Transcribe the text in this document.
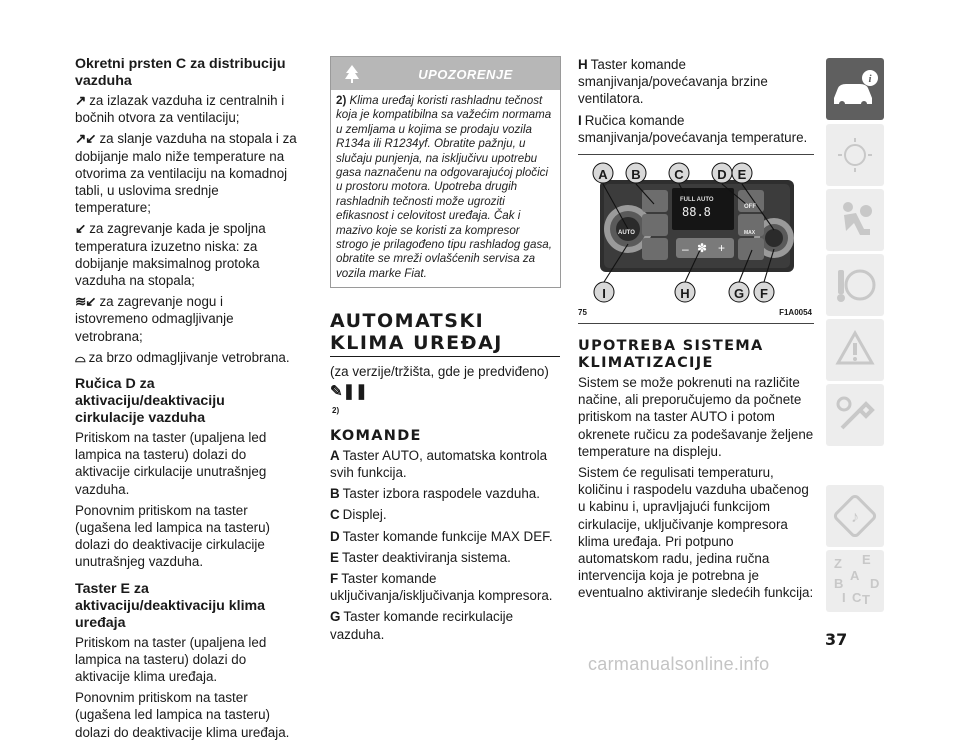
Okretni prsten C za distribuciju vazduha
↗ za izlazak vazduha iz centralnih i bočnih otvora za ventilaciju;
↗↙ za slanje vazduha na stopala i za dobijanje malo niže temperature na otvorima za ventilaciju na komadnoj tabli, u uslovima srednje temperature;
↙ za zagrevanje kada je spoljna temperatura izuzetno niska: za dobijanje maksimalnog protoka vazduha na stopala;
≋↙ za zagrevanje nogu i istovremeno odmagljivanje vetrobrana;
⌓ za brzo odmagljivanje vetrobrana.
Ručica D za aktivaciju/deaktivaciju cirkulacije vazduha
Pritiskom na taster (upaljena led lampica na tasteru) dolazi do aktivacije cirkulacije unutrašnjeg vazduha.
Ponovnim pritiskom na taster (ugašena led lampica na tasteru) dolazi do deaktivacije cirkulacije unutrašnjeg vazduha.
Taster E za aktivaciju/deaktivaciju klima uređaja
Pritiskom na taster (upaljena led lampica na tasteru) dolazi do aktivacije klima uređaja.
Ponovnim pritiskom na taster (ugašena led lampica na tasteru) dolazi do deaktivacije klima uređaja.
UPOZORENJE
2) Klima uređaj koristi rashladnu tečnost koja je kompatibilna sa važećim normama u zemljama u kojima se prodaju vozila R134a ili R1234yf. Obratite pažnju, u slučaju punjenja, na isključivu upotrebu gasa naznačenu na odgovarajućoj pločici u prostoru motora. Upotreba drugih rashladnih tečnosti može ugroziti efikasnost i celovitost uređaja. Čak i mazivo koje se koristi za kompresor strogo je prilagođeno tipu rashladog gasa, obratite se mreži ovlašćenih servisa za vozila marke Fiat.
AUTOMATSKI KLIMA UREĐAJ
(za verzije/tržišta, gde je predviđeno)
✎❚❚
2)
KOMANDE
A Taster AUTO, automatska kontrola svih funkcija.
B Taster izbora raspodele vazduha.
C Displej.
D Taster komande funkcije MAX DEF.
E Taster deaktiviranja sistema.
F Taster komande uključivanja/isključivanja kompresora.
G Taster komande recirkulacije vazduha.
H Taster komande smanjivanja/povećavanja brzine ventilatora.
I Ručica komande smanjivanja/povećavanja temperature.
FULL AUTO
88.8
AUTO
OFF
MAX
– ✽ +
A B	C	D E
I	H	G F
75	F1A0054
UPOTREBA SISTEMA KLIMATIZACIJE
Sistem se može pokrenuti na različite načine, ali preporučujemo da počnete pritiskom na taster AUTO i potom okrenete ručicu za podešavanje željene temperature na displeju.
Sistem će regulisati temperaturu, količinu i raspodelu vazduha ubačenog u kabinu i, upravljajući funkcijom cirkulacije, uključivanje kompresora klima uređaja. Pri potpuno automatskom radu, jedina ručna intervencija koja je potrebna je eventualno aktiviranje sledećih funkcija:
i
♪
Z E
A
B
I C T
D
37
carmanualsonline.info
